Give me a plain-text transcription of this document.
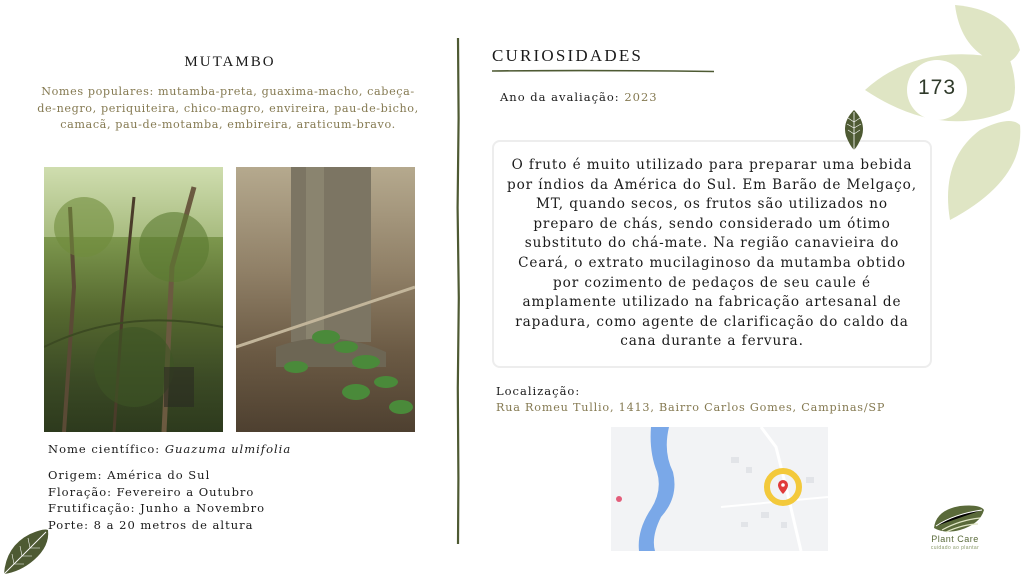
MUTAMBO
Nomes populares: mutamba-preta, guaxima-macho, cabeça-de-negro, periquiteira, chico-magro, envireira, pau-de-bicho, camacã, pau-de-motamba, embireira, araticum-bravo.
Nome científico: Guazuma ulmifolia
Origem: América do Sul
Floração: Fevereiro a Outubro
Frutificação: Junho a Novembro
Porte: 8 a 20 metros de altura
CURIOSIDADES
Ano da avaliação: 2023
O fruto é muito utilizado para preparar uma bebida por índios da América do Sul. Em Barão de Melgaço, MT, quando secos, os frutos são utilizados no preparo de chás, sendo considerado um ótimo substituto do chá-mate. Na região canavieira do Ceará, o extrato mucilaginoso da mutamba obtido por cozimento de pedaços de seu caule é amplamente utilizado na fabricação artesanal de rapadura, como agente de clarificação do caldo da cana durante a fervura.
Localização:
Rua Romeu Tullio, 1413, Bairro Carlos Gomes, Campinas/SP
173
Plant Care
cuidado ao plantar
